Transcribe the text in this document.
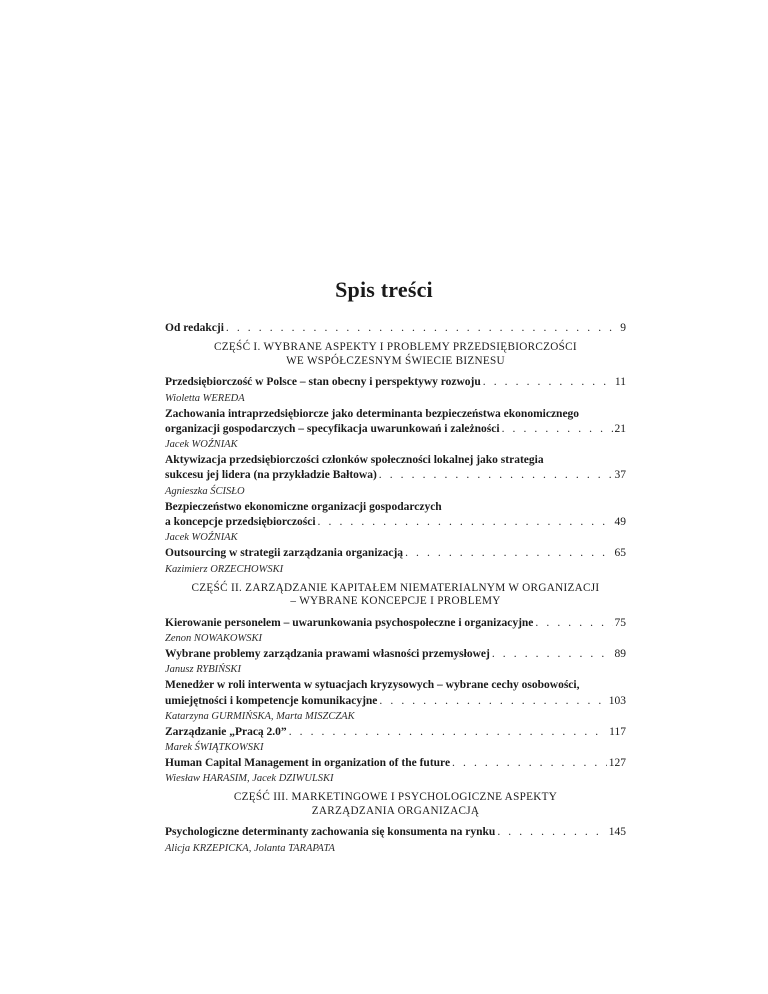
Spis treści
Od redakcji . . .	9
CZĘŚĆ I. WYBRANE ASPEKTY I PROBLEMY PRZEDSIĘBIORCZOŚCI
WE WSPÓŁCZESNYM ŚWIECIE BIZNESU
Przedsiębiorczość w Polsce – stan obecny i perspektywy rozwoju . . .	11
Wioletta WEREDA
Zachowania intraprzedsiębiorcze jako determinanta bezpieczeństwa ekonomicznego
organizacji gospodarczych – specyfikacja uwarunkowań i zależności . . .	21
Jacek WOŹNIAK
Aktywizacja przedsiębiorczości członków społeczności lokalnej jako strategia
sukcesu jej lidera (na przykładzie Bałtowa) . . .	37
Agnieszka ŚCISŁO
Bezpieczeństwo ekonomiczne organizacji gospodarczych
a koncepcje przedsiębiorczości . . .	49
Jacek WOŹNIAK
Outsourcing w strategii zarządzania organizacją . . .	65
Kazimierz ORZECHOWSKI
CZĘŚĆ II. ZARZĄDZANIE KAPITAŁEM NIEMATERIALNYM W ORGANIZACJI
– WYBRANE KONCEPCJE I PROBLEMY
Kierowanie personelem – uwarunkowania psychospołeczne i organizacyjne . . .	75
Zenon NOWAKOWSKI
Wybrane problemy zarządzania prawami własności przemysłowej . . .	89
Janusz RYBIŃSKI
Menedżer w roli interwenta w sytuacjach kryzysowych – wybrane cechy osobowości,
umiejętności i kompetencje komunikacyjne . . .	103
Katarzyna GURMIŃSKA, Marta MISZCZAK
Zarządzanie „Pracą 2.0” . . .	117
Marek ŚWIĄTKOWSKI
Human Capital Management in organization of the future . . .	127
Wiesław HARASIM, Jacek DZIWULSKI
CZĘŚĆ III. MARKETINGOWE I PSYCHOLOGICZNE ASPEKTY
ZARZĄDZANIA ORGANIZACJĄ
Psychologiczne determinanty zachowania się konsumenta na rynku . . .	145
Alicja KRZEPICKA, Jolanta TARAPATA
